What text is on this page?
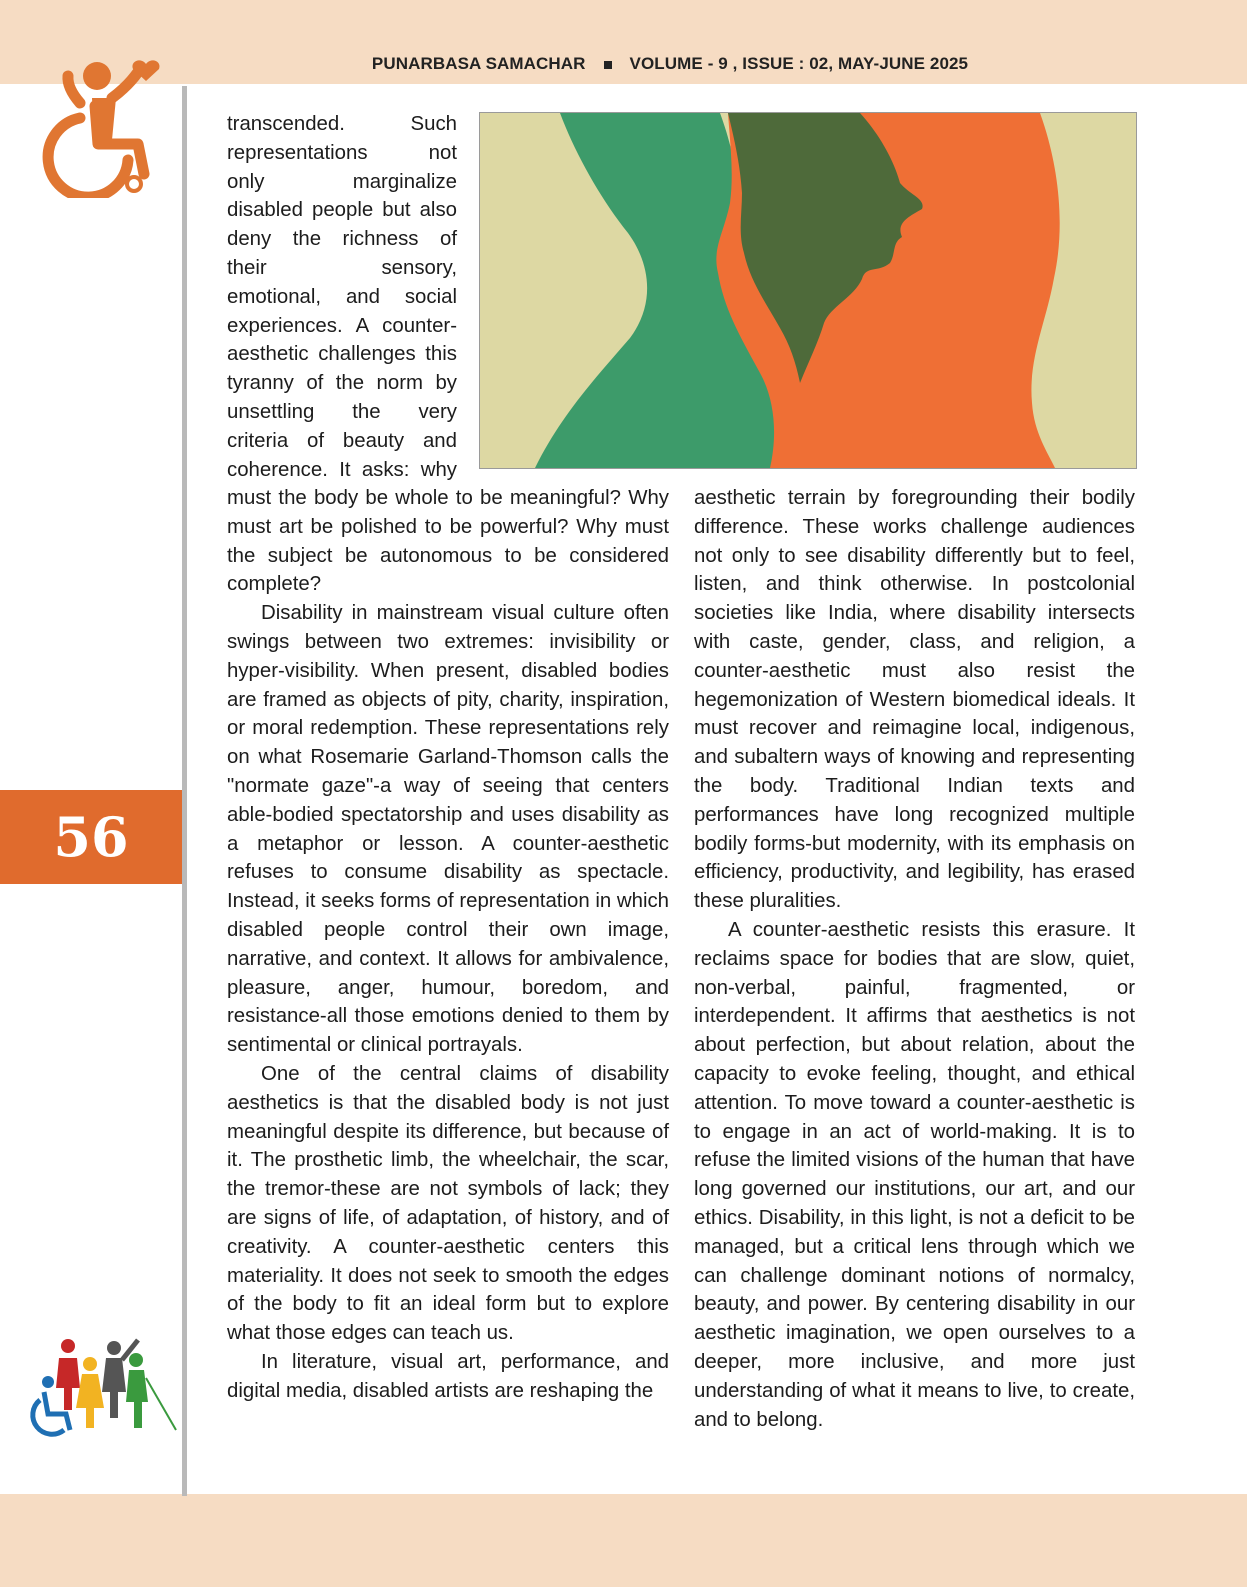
PUNARBASA SAMACHAR	VOLUME - 9 , ISSUE : 02, MAY-JUNE 2025
56

transcended. Such

representations not

only marginalize

disabled people but also

deny the richness of

their sensory,

emotional, and social

experiences. A counter-

aesthetic challenges this

tyranny of the norm by

unsettling the very

criteria of beauty and

coherence. It asks: why

must the body be whole to be meaningful? Why must art be polished to be powerful? Why must the subject be autonomous to be considered complete?

Disability in mainstream visual culture often swings between two extremes: invisibility or hyper-visibility. When present, disabled bodies are framed as objects of pity, charity, inspiration, or moral redemption. These representations rely on what Rosemarie Garland-Thomson calls the "normate gaze"-a way of seeing that centers able-bodied spectatorship and uses disability as a metaphor or lesson. A counter-aesthetic refuses to consume disability as spectacle. Instead, it seeks forms of representation in which disabled people control their own image, narrative, and context. It allows for ambivalence, pleasure, anger, humour, boredom, and resistance-all those emotions denied to them by sentimental or clinical portrayals.

One of the central claims of disability aesthetics is that the disabled body is not just meaningful despite its difference, but because of it. The prosthetic limb, the wheelchair, the scar, the tremor-these are not symbols of lack; they are signs of life, of adaptation, of history, and of creativity. A counter-aesthetic centers this materiality. It does not seek to smooth the edges of the body to fit an ideal form but to explore what those edges can teach us.

In literature, visual art, performance, and digital media, disabled artists are reshaping the

aesthetic terrain by foregrounding their bodily difference. These works challenge audiences not only to see disability differently but to feel, listen, and think otherwise. In postcolonial societies like India, where disability intersects with caste, gender, class, and religion, a counter-aesthetic must also resist the hegemonization of Western biomedical ideals. It must recover and reimagine local, indigenous, and subaltern ways of knowing and representing the body. Traditional Indian texts and performances have long recognized multiple bodily forms-but modernity, with its emphasis on efficiency, productivity, and legibility, has erased these pluralities.

A counter-aesthetic resists this erasure. It reclaims space for bodies that are slow, quiet, non-verbal, painful, fragmented, or interdependent. It affirms that aesthetics is not about perfection, but about relation, about the capacity to evoke feeling, thought, and ethical attention. To move toward a counter-aesthetic is to engage in an act of world-making. It is to refuse the limited visions of the human that have long governed our institutions, our art, and our ethics. Disability, in this light, is not a deficit to be managed, but a critical lens through which we can challenge dominant notions of normalcy, beauty, and power. By centering disability in our aesthetic imagination, we open ourselves to a deeper, more inclusive, and more just understanding of what it means to live, to create, and to belong.
